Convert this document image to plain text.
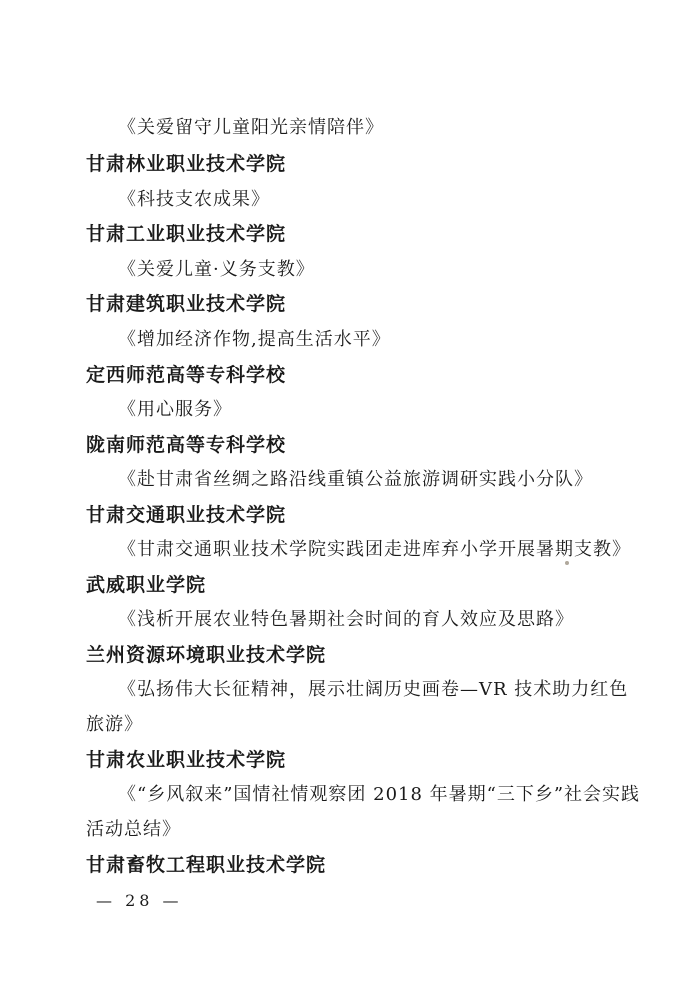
《关爱留守儿童阳光亲情陪伴》
甘肃林业职业技术学院
《科技支农成果》
甘肃工业职业技术学院
《关爱儿童·义务支教》
甘肃建筑职业技术学院
《增加经济作物,提高生活水平》
定西师范高等专科学校
《用心服务》
陇南师范高等专科学校
《赴甘肃省丝绸之路沿线重镇公益旅游调研实践小分队》
甘肃交通职业技术学院
《甘肃交通职业技术学院实践团走进库弃小学开展暑期支教》
武威职业学院
《浅析开展农业特色暑期社会时间的育人效应及思路》
兰州资源环境职业技术学院
《弘扬伟大长征精神，展示壮阔历史画卷—VR 技术助力红色
旅游》
甘肃农业职业技术学院
《“乡风叙来”国情社情观察团 2018 年暑期“三下乡”社会实践
活动总结》
甘肃畜牧工程职业技术学院
— 28 —
